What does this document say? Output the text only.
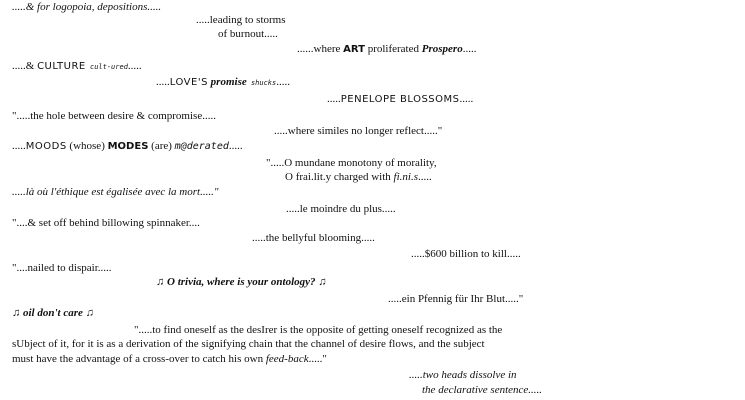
.....& for logopoia, depositions.....
.....leading to storms
of burnout.....
......where ART proliferated Prospero.....
.....& CULTURE cult-ured.....
.....LOVE'S promise shucks.....
.....PENELOPE BLOSSOMS.....
".....the hole between desire & compromise.....
.....where similes no longer reflect....."
.....MOODS (whose) MODES (are) m@derated.....
".....O mundane monotony of morality,
O frai.lit.y charged with fi.ni.s.....
.....là où l'éthique est égalisée avec la mort....."
.....le moindre du plus.....
"....& set off behind billowing spinnaker....
.....the bellyful blooming.....
.....$600 billion to kill.....
"....nailed to dispair.....
♫ O trivia, where is your ontology? ♫
.....ein Pfennig für Ihr Blut....."
♫ oil don't care ♫
".....to find oneself as the desIrer is the opposite of getting oneself recognized as the
sUbject of it, for it is as a derivation of the signifying chain that the channel of desire flows, and the subject
must have the advantage of a cross-over to catch his own feed-back....."
.....two heads dissolve in
the declarative sentence.....
